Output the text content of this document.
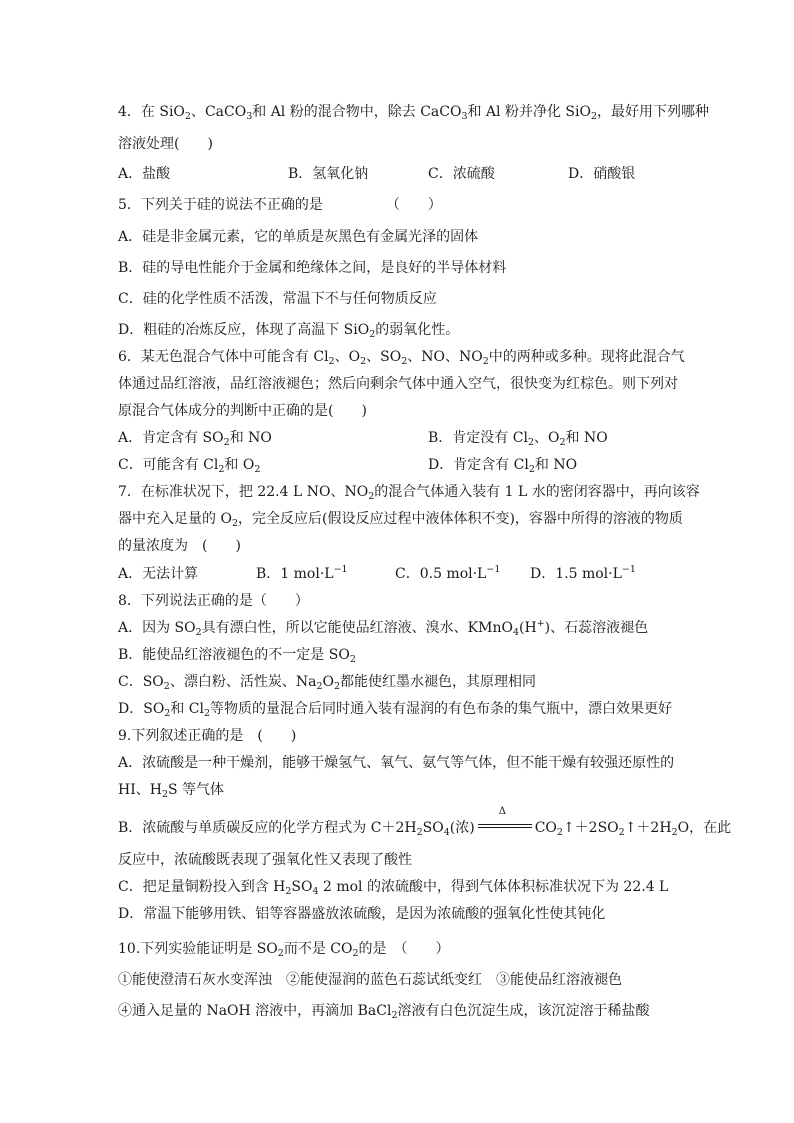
4．在 SiO$_2$、CaCO$_3$和 Al 粉的混合物中，除去 CaCO$_3$和 Al 粉并净化 SiO$_2$，最好用下列哪种
溶液处理(　　)
A．盐酸	B．氢氧化钠	C．浓硫酸	D．硝酸银
5．下列关于硅的说法不正确的是　　　　　（　　）
A．硅是非金属元素，它的单质是灰黑色有金属光泽的固体
B．硅的导电性能介于金属和绝缘体之间，是良好的半导体材料
C．硅的化学性质不活泼，常温下不与任何物质反应
D．粗硅的冶炼反应，体现了高温下 SiO$_2$的弱氧化性。
6．某无色混合气体中可能含有 $Cl_2$、$O_2$、$SO_2$、NO、$NO_2$中的两种或多种。现将此混合气
体通过品红溶液，品红溶液褪色；然后向剩余气体中通入空气，很快变为红棕色。则下列对
原混合气体成分的判断中正确的是(　　)
A．肯定含有 $SO_2$和 NO	B．肯定没有 $Cl_2$、$O_2$和 NO
C．可能含有 $Cl_2$和 $O_2$	D．肯定含有 $Cl_2$和 NO
7．在标准状况下，把 22.4 L NO、$NO_2$的混合气体通入装有 1 L 水的密闭容器中，再向该容
器中充入足量的 $O_2$，完全反应后(假设反应过程中液体体积不变)，容器中所得的溶液的物质
的量浓度为　(　　)
A．无法计算	B．1 $mol\cdot L^{-1}$	C．0.5 $mol\cdot L^{-1}$ D．1.5 $mol\cdot L^{-1}$
8．下列说法正确的是（　　）
A．因为 $SO_2$具有漂白性，所以它能使品红溶液、溴水、KMnO$_4$(H+)、石蕊溶液褪色
B．能使品红溶液褪色的不一定是 $SO_2$
C．$SO_2$、漂白粉、活性炭、$Na_2O_2$都能使红墨水褪色，其原理相同
D．$SO_2$和 $Cl_2$等物质的量混合后同时通入装有湿润的有色布条的集气瓶中，漂白效果更好
9.下列叙述正确的是　(　　)
A．浓硫酸是一种干燥剂，能够干燥氢气、氧气、氨气等气体，但不能干燥有较强还原性的
HI、$H_2S$ 等气体
B．浓硫酸与单质碳反应的化学方程式为 $C+2H_2SO_4$(浓)
Δ
$CO_2↑+2SO_2↑+2H_2O$，在此
反应中，浓硫酸既表现了强氧化性又表现了酸性
C．把足量铜粉投入到含 $H_2SO_4$ 2 mol 的浓硫酸中，得到气体体积标准状况下为 22.4 L
D．常温下能够用铁、铝等容器盛放浓硫酸，是因为浓硫酸的强氧化性使其钝化
10.下列实验能证明是 $SO_2$而不是 $CO_2$的是　（　　）
①能使澄清石灰水变浑浊　②能使湿润的蓝色石蕊试纸变红　③能使品红溶液褪色
④通入足量的 NaOH 溶液中，再滴加 BaCl$_2$溶液有白色沉淀生成，该沉淀溶于稀盐酸
